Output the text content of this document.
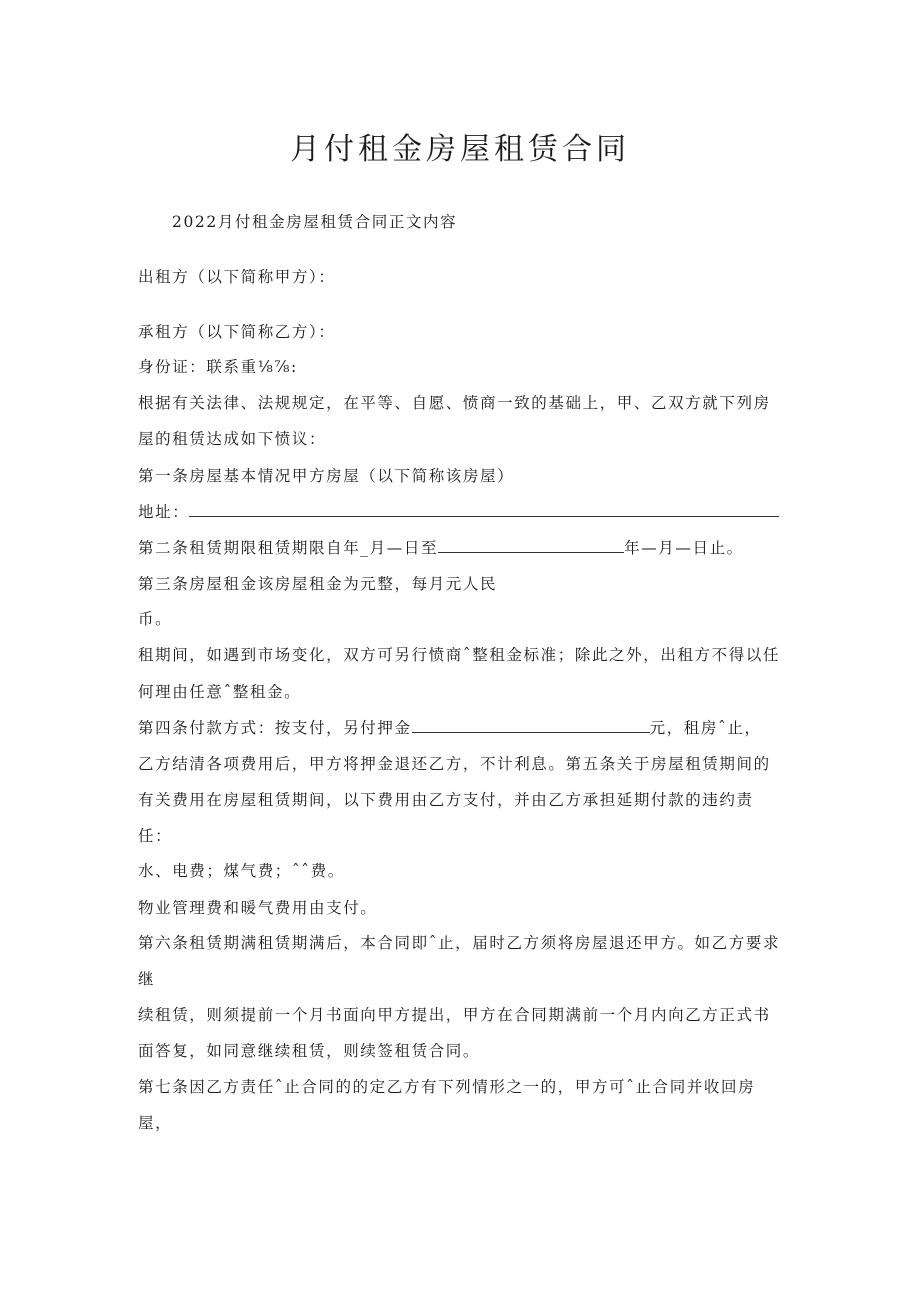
月付租金房屋租赁合同

2022月付租金房屋租赁合同正文内容

出租方（以下简称甲方）：

承租方（以下简称乙方）：

身份证：联系重⅛⅞:

根据有关法律、法规规定，在平等、自愿、愤商一致的基础上，甲、乙双方就下列房

屋的租赁达成如下愤议：

第一条房屋基本情况甲方房屋（以下简称该房屋）

地址：

第二条租赁期限租赁期限自年_月—日至	年—月—日止。

第三条房屋租金该房屋租金为元整，每月元人民

币。

租期间，如遇到市场变化，双方可另行愤商ˆ整租金标准；除此之外，出租方不得以任

何理由任意ˆ整租金。

第四条付款方式：按支付，另付押金	元，租房ˆ止，

乙方结清各项费用后，甲方将押金退还乙方，不计利息。第五条关于房屋租赁期间的

有关费用在房屋租赁期间，以下费用由乙方支付，并由乙方承担延期付款的违约责

任：

水、电费；煤气费；ˆˆ费。

物业管理费和暖气费用由支付。

第六条租赁期满租赁期满后，本合同即ˆ止，届时乙方须将房屋退还甲方。如乙方要求

继

续租赁，则须提前一个月书面向甲方提出，甲方在合同期满前一个月内向乙方正式书

面答复，如同意继续租赁，则续签租赁合同。

第七条因乙方责任ˆ止合同的的定乙方有下列情形之一的，甲方可ˆ止合同并收回房

屋，
